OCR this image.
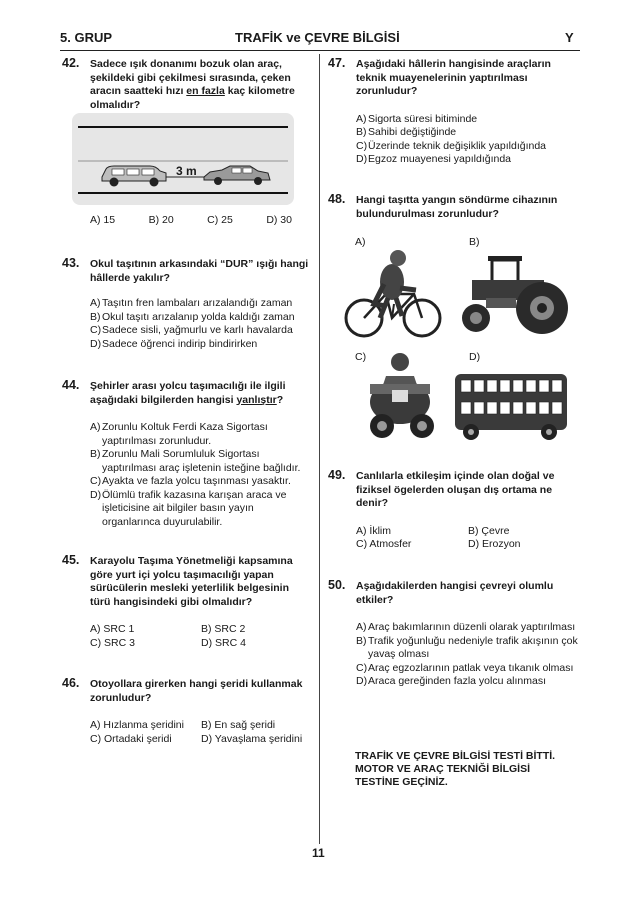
5. GRUP	TRAFİK ve ÇEVRE BİLGİSİ	Y
42. Sadece ışık donanımı bozuk olan araç, şekildeki gibi çekilmesi sırasında, çeken aracın saatteki hızı en fazla kaç kilometre olmalıdır?
3 m
A) 15	B) 20	C) 25	D) 30
43. Okul taşıtının arkasındaki “DUR” ışığı hangi hâllerde yakılır?
A) Taşıtın fren lambaları arızalandığı zaman
B) Okul taşıtı arızalanıp yolda kaldığı zaman
C) Sadece sisli, yağmurlu ve karlı havalarda
D) Sadece öğrenci indirip bindirirken
44. Şehirler arası yolcu taşımacılığı ile ilgili aşağıdaki bilgilerden hangisi yanlıştır?
A) Zorunlu Koltuk Ferdi Kaza Sigortası yaptırılması zorunludur.
B) Zorunlu Mali Sorumluluk Sigortası yaptırılması araç işletenin isteğine bağlıdır.
C) Ayakta ve fazla yolcu taşınması yasaktır.
D) Ölümlü trafik kazasına karışan araca ve işleticisine ait bilgiler basın yayın organlarınca duyurulabilir.
45. Karayolu Taşıma Yönetmeliği kapsamına göre yurt içi yolcu taşımacılığı yapan sürücülerin mesleki yeterlilik belgesinin türü hangisindeki gibi olmalıdır?
A) SRC 1	B) SRC 2
C) SRC 3	D) SRC 4
46. Otoyollara girerken hangi şeridi kullanmak zorunludur?
A) Hızlanma şeridini	B) En sağ şeridi
C) Ortadaki şeridi	D) Yavaşlama şeridini
47. Aşağıdaki hâllerin hangisinde araçların teknik muayenelerinin yaptırılması zorunludur?
A) Sigorta süresi bitiminde
B) Sahibi değiştiğinde
C) Üzerinde teknik değişiklik yapıldığında
D) Egzoz muayenesi yapıldığında
48. Hangi taşıtta yangın söndürme cihazının bulundurulması zorunludur?
A)	B)
C)	D)
49. Canlılarla etkileşim içinde olan doğal ve fiziksel ögelerden oluşan dış ortama ne denir?
A) İklim	B) Çevre
C) Atmosfer	D) Erozyon
50. Aşağıdakilerden hangisi çevreyi olumlu etkiler?
A) Araç bakımlarının düzenli olarak yaptırılması
B) Trafik yoğunluğu nedeniyle trafik akışının çok yavaş olması
C) Araç egzozlarının patlak veya tıkanık olması
D) Araca gereğinden fazla yolcu alınması
TRAFİK VE ÇEVRE BİLGİSİ TESTİ BİTTİ.
MOTOR VE ARAÇ TEKNİĞİ BİLGİSİ
TESTİNE GEÇİNİZ.
11
